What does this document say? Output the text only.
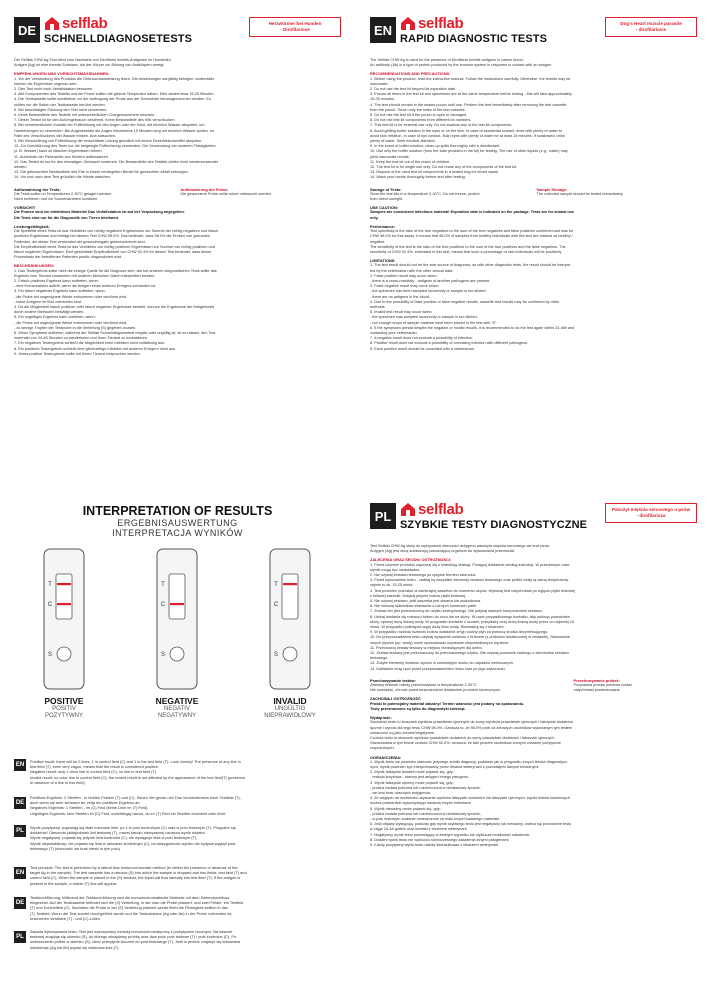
DE selflab
SCHNELLDIAGNOSETESTS
Herzwürmer bei Hunden
- Dirofilariose
Der Selflab CHW Ag-Test dient zum Nachweis von Dirofilaria immitis-Antigenen im Hundeblut.
Antigen (Ag) ist eine fremde Substanz, die der Körper zur Bildung von Antikörpern anregt.
EMPFEHLUNGEN UND VORSICHTSMASSNAHMEN:
1. Vor der Verwendung des Produkts die Gebrauchsanweisung lesen. Die Anweisungen sorgfältig befolgen, andernfalls
können die Ergebnisse ungenau sein.
2. Den Test nicht nach Verfallsdatum benutzen.
3. Alle Komponenten des Testkits und die Probe sollten die gleiche Temperatur haben. Dies dauert etwa 15-25 Minuten.
4. Die Testkassette sollte unmittelbar vor der Auftragung der Probe aus der Schutzfolie herausgenommen werden. Es
sollten nur die Seiten der Testkassette berührt werden.
5. Bei beschädigter Packung den Test nicht verwenden.
6. Keine Bestandteile des Testkits mit unterschiedlichen Chargennummern mischen.
7. Dieser Testkit ist für den Außengebrauch bestimmt. Keine Bestandteile des Kits verschlucken.
8. Bei versehentlichem Kontakt der Pufferlösung mit den Augen oder der Haut, mit reichlich Wasser abspülen; um
Hautreizungen zu vermeiden. Bei Augenkontakt die Augen mindestens 15 Minuten lang mit reichlich Wasser spülen. Im
Falle des Verschluckens viel Wasser trinken. Arzt aufsuchen.
9. Bei Verschüttung von Pufferlösung die verschüttete Lösung gründlich mit einem Desinfektionsmittel abspülen.
10. Zur Durchführung des Tests nur die beigelegte Pufferlösung verwenden. Die Verwendung von anderen Flüssigkeiten
(z. B. Wasser) kann zu falschen Ergebnissen führen.
11. Außerhalb der Reichweite von Kindern aufbewahren.
12. Das Testkit ist nur für den einmaligen Gebrauch bestimmt. Die Bestandteile des Testkits dürfen nicht wiederverwendet
werden.
13. Die gebrauchten Bestandteile des Kits in einem versiegelten Beutel für gemischten Abfall entsorgen.
14. Vor und nach dem Test gründlich die Hände waschen.
Aufbewahrung der Tests:
Die Tests sollten in Temperaturen 2-30°C gelagert werden.
Nicht einfrieren und vor Sonnenstrahlen schützen.
Aufbewahrung der Probe:
Die gewonnene Probe sollte sofort untersucht werden.
VORSICHT!
Die Proben sind ein infektiöses Material! Das Verfallsdatum ist auf der Verpackung angegeben.
Die Tests sind nur für die Diagnostik von Tieren bestimmt.
Leistungsfähigkeit:
Die Spezifität eines Tests ist das Verhältnis von richtig negativen Ergebnissen zur Summe der richtig negativen und falsch
positiven Ergebnisse und beträgt bei diesem Test CHW 98.0%. Das bedeutet, dass 98.0% der Proben von gesunden
Patienten, die dieser Test verwenden als gesund/negativ gekennzeichnet sind.
Die Empfindlichkeit eines Tests ist das Verhältnis von richtig positiven Ergebnissen zur Summe von richtig positiven und
falsch negativen Ergebnissen. Eine geschätzte Empfindlichkeit von CHW 92.4% für diesen Test bedeutet, dass dieser
Prozentsatz der betroffenen Patienten positiv diagnostiziert wird.
BESCHRÄNKUNGEN:
1. Das Testergebnis sollte nicht die einzige Quelle für die Diagnose sein; wie bei anderen diagnostischen Tests sollte das
Ergebnis vom Tierarzt zusammen mit anderen klinischen Daten interpretiert werden.
2. Falsch positives Ergebnis kann auftreten, wenn:
- eine Kreuzreaktion auftritt, wenn die Antigen eines anderen Erregers vorhanden ist.
3. Ein falsch negatives Ergebnis kann auftreten, wenn:
- die Probe auf ungeeignete Weise entnommen oder verdünnt wird,
- keine Antigene im Blut vorhanden sind.
4. Da die Möglichkeit falsch positiver oder falsch negativer Ergebnisse besteht, können die Ergebnisse der Antigentests
durch andere Methoden bestätigt werden.
5. Ein ungültiges Ergebnis kann auftreten, wenn:
- die Probe auf ungeeignete Weise entnommen oder verdünnt wird,
- zu wenige Tropfen der Testprobe in die Vertiefung (S) gegeben wurden.
6. Wenn Symptome auftreten, während der Selflab Schnelldiagnosetest negativ oder ungültig ist, ist es ratsam, den Test
innerhalb von 24-48 Stunden zu wiederholen und Ihren Tierarzt zu kontaktieren.
7. Ein negatives Testergebnis schließt die Möglichkeit einer Infektion nicht vollständig aus.
8. Ein positives Testergebnis schließt eine gleichzeitige Infektion mit anderen Erregern nicht aus.
9. Jedes positive Testergebnis sollte mit Ihrem Tierarzt besprochen werden.
EN selflab
RAPID DIAGNOSTIC TESTS
Dog's Heart muscle parasite
- dirofilariosis
The Selflab CHW Ag is used for the presence of Dirofilaria immitis antigens in canine blood.
An antibody (Ab) is a type of protein produced by the immune system in response to contact with an antigen.
RECOMMENDATIONS AND PRECAUTIONS:
1. Before using the product, read the instruction manual. Follow the instructions carefully. Otherwise, the results may be
inaccurate.
2. Do not use the test kit beyond its expiration date.
3. Ensure all items in the test kit and specimens are at the same temperature before testing - this will take approximately
15-25 minutes.
4. The test should remain in the sealed pouch until use. Perform the test immediately after removing the test cassette
from the pouch. Touch only the sides of the test cassette.
5. Do not use the test kit if the pouch is open or damaged.
6. Do not mix test kit components from different lot numbers.
7. This test kit is for external use only. Do not swallow any of the test kit components.
8. Avoid getting buffer solution in the eyes or on the skin. In case of accidental contact, rinse with plenty of water to
avoid skin irritation. In case of eye contact, flush eyes with plenty of water for at least 15 minutes. If swallowed, drink
plenty of water. Seek medical attention.
9. In the event of buffer solution, clean up spills thoroughly with a disinfectant.
10. Use only the buffer solution (from the tube provided in the kit) for testing. The use of other liquids (e.g., water) may
yield inaccurate results.
11. Keep the test kit out of the reach of children.
12. The test kit is for single use only. Do not reuse any of the components of the test kit.
13. Dispose of the used test kit components in a sealed bag for mixed waste.
14. Wash your hands thoroughly before and after testing.
Storage of Tests:
Store the test kits in a temperature 2-30°C. Do not freeze, protect
from direct sunlight.
Sample Storage:
The collected sample should be tested immediately.
USE CAUTION:
Samples are considered infectious material! Expiration date is indicated on the package. Tests are for animal use
only.
Performance:
Test specificity is the ratio of the true negatives to the sum of the true negatives and false positives combined and was for
CHW 98.0% for this assay. It means that 98.0% of samples from healthy individuals with this test are marked as healthy /
negative.
The sensitivity of the test is the ratio of the true positives to the sum of the true positives and the false negatives. The
sensitivity of CHW 92.4%, estimated in this test, means that such a percentage of sick individuals will be positively
LIMITATIONS:
1. The test result should not be the sole source of diagnosis, as with other diagnostic tests, the result should be interpre-
ted by the veterinarian with the other clinical data.
2. False positive result may occur when:
- there is a cross-reactivity - antigens of another pathogens are present.
3. False negative result may occur when:
- the specimen has been sampled incorrectly or sample is too diluted,
- there are no antigens in the blood.
4. Due to the possibility of false positive or false negative results, cassette test results may be confirmed by other
methods.
5. Invalid test result may occur when:
- the specimen was sampled incorrectly or sample is too diluted,
- not enough drops of sample material have been placed in the test well "S".
6. If the symptoms persist despite the negative or invalid results, it is recommended to do the test again within 24-48h and
contacting your veterinarian.
7. A negative result does not exclude a possibility of infection.
8. Positive result does not exclude a possibility of coexisting infection with different pathogens.
9. Each positive result should be consulted with a veterinarian.
INTERPRETATION OF RESULTS
ERGEBNISAUSWERTUNG
INTERPRETACJA WYNIKÓW
T
C
S
T
C
S
T
C
S
POSITIVE
POSITIV
POZYTYWNY
NEGATIVE
NEGATIV
NEGATYWNY
INVALID
UNGÜLTIG
NIEPRAWIDŁOWY
EN
Positive result: there will be 2 lines, 1 in control field (C) and 1 in the test field (T). Look closely! The presence of any line in
test field (T), even very vague, means that the result is considered positive.
Negative result: only 1 clear line in control field (C), no line in test field (T).
Invalid result: no color line in control field (C), the invalid result is not affected by the appearance of the test field(T) (presence
or absence of a line in this field).
DE
Positives Ergebnis: 2 Streifen - in beiden Feldern (T) und (C). Sehen Sie genau hin! Das Vorhandensein einer Testlinie (T),
auch wenn sie sehr schwach ist, zeigt ein positives Ergebnis an.
Negatives Ergebnis: 1 Streifen - im (C) Feld (keine Linie im (T) Feld).
Ungültiges Ergebnis: kein Streifen im (C) Feld, unabhängig davon, ob im (T) Feld ein Streifen erscheint oder nicht.
PL
Wynik pozytywny: pojawiają się dwie kolorowe linie, po 1 w polu kontrolnym (C) oraz w polu testowym (T). Przypatrz się
dokładnie! Obecność jakiejkolwiek linii testowej (T), nawet bardzo niewyraźnej oznacza wynik dodatni.
Wynik negatywny: pojawia się jedynie linia kontrolna (C), nie występuje linia w polu testowym (T).
Wynik nieprawidłowy: nie pojawia się linia w obszarze kontrolnym (C), na wiarygodność wyniku nie wpływa wygląd pola
testowego (T) (obecność lub brak kreski w tym polu).
EN
Test principle: The test is performed by a lateral flow immunochromatic method (to detect the presence or absence of the
target Ag in the sample). The test cassette has a window (S) into which the sample is dropped and two fields: test field (T) and
control field (C). When the sample is placed in the (S) window, the liquid will flow laterally into test field (T). If the antigen is
present in the sample, a visible (T) line will appear.
DE
Testdurchführung: Während der Testdurchführung wird die immunochromatische Methode mit dem Seitendurchfluss
eingesetzt. Auf der Testkassette befindet sich die (S) Vertiefung, in der man die Probe platziert, und zwei Felder: ein Testfeld
(T) und Kontrollfeld (C). Nachdem die Probe in der (S) Vertiefung platziert wurde fließt die Flüssigkeit seitlich in das
(T) Testfeld. Wenn der Test korrekt durchgeführt wurde und die Testsubstanz (Ag oder Ab) in der Probe vorhanden ist,
erscheinen sichtbare (T) - und (C)-Linien.
PL
Zasada wykonywania testu: Test jest wykonywany metodą immunochromatyczną z przepływem bocznym. Na kasecie
testowej znajduje się okienko (S), do którego wkraplamy próbkę oraz dwa pola: pole testowe (T) i pole kontrolne (C). Po
umieszczeniu próbki w okienku (S), ciecz przepłynie bocznie do pola testowego (T). Jeśli w próbce znajduje się testowana
substancja (Ag lub Ab) pojawi się widoczna linia (T).
PL	selflab
SZYBKIE TESTY DIAGNOSTYCZNE
Pasożyt mięśnia sercowego u psów
- dirofilarioza
Test Selflab CHW Ag służy do wykrywania obecności antygenu pasożyta mięśnia sercowego we krwi psów.
Antygen (Ag) jest obcą substancją pobudzającą organizm do wytwarzania przeciwciał.
ZALECENIA ORAZ ŚRODKI OSTROŻNOŚCI:
1. Przed użyciem produktu zapoznaj się z instrukcją obsługi. Postępuj dokładnie według instrukcji. W przeciwnym razie
wyniki mogą być niedokładne.
2. Nie używaj zestawu testowego po upływie terminu ważności.
3. Przed wykonaniem testu - zadbaj by wszystkie elementy zestawu testowego oraz próbki miały tą samą temperaturę,
zajmie to ok. 15-25 minut.
4. Test powinien pozostać w zamkniętej saszetce do momentu użycia. Wykonaj test natychmiast po wyjęciu płytki testowej
z foliowej saszetki. Dotykaj jedynie boków płytki testowej.
5. Nie używaj zestawu, jeśli saszetka jest otwarta lub uszkodzona.
6. Nie mieszaj składników zestawów o różnych numerach partii.
7. Zestaw ten jest przeznaczony do użytku zewnętrznego. Nie połykaj żadnych komponentów zestawu.
8. Unikaj dostania się roztworu buforu do oczu lub na skórę. W razie przypadkowego kontaktu, aby uniknąć podrażnień
skóry, spłukuj dużą ilością wody. W przypadku kontaktu z oczami, przepłukuj oczy dużą ilością wody przez co najmniej 15
minut. W przypadku połknięcia wypij dużą ilość wody. Skontaktuj się z lekarzem.
9. W przypadku rozlania roztworu buforu dokładnie zmyj rozlany płyn za pomocą środka dezynfekującego.
10. Do przeprowadzenia testu używaj wyłącznie roztworu z buforem (z probówki dostarczonej w zestawie). Stosowanie
innych płynów (np. wody) może spowodować uzyskanie nieprawidłowych wyników.
11. Przechowuj zestaw testowy w miejscu niedostępnym dla dzieci.
12. Zestaw testowy jest przeznaczony do jednorazowego użytku. Nie używaj ponownie żadnego z elementów zestawu
testowego.
13. Zużyte elementy zestawu wyrzuć w zamkniętym worku do odpadów zmieszanych.
14. Dokładnie umyj ręce przed przeprowadzeniem testu oraz po jego wykonaniu.
Przechowywanie testów:
Zestawy testowe należy przechowywać w temperaturze 2-30°C.
Nie zamrażać, chronić przed bezpośrednim działaniem promieni słonecznych.
Przechowywanie próbek:
Pozyskana próbka powinna zostać
natychmiast przetestowana.
ZACHOWAJ OSTROŻNOŚĆ
Próbki to potencjalny materiał zakaźny! Termin ważności jest podany na opakowaniu.
Testy przeznaczone są tylko do diagnostyki zwierząt.
Wydajność:
Swoistość testu to stosunek wyników prawdziwie ujemnych do sumy wyników prawdziwie ujemnych i fałszywie dodatnich
łącznie i wynosi dla tego testu CHW 98.0%. Oznacza to, że 98.0% prób od zdrowych osobników wykonanym tym testem
oznaczone są jako zdrowe/negatywne.
Czułość testu to stosunek wyników prawdziwie dodatnich do sumy prawdziwie dodatnich i fałszywie ujemnych.
Oszacowana w tym teście czułość CHW 92.4%, oznacza, że taki procent osobników chorych zostanie pozytywnie
rozpoznanych.
OGRANICZENIA:
1. Wynik testu nie powinien stanowić jedynego źródła diagnozy, podobnie jak w przypadku innych testów diagnostycz-
nych, wynik powinien być interpretowany przez lekarza weterynarii z pozostałymi danymi klinicznymi.
2. Wynik fałszywie dodatni może pojawić się, gdy:
- reakcja krzyżowa - obecny jest antygen innego patogenu,
3. Wynik fałszywie ujemny może pojawić się, gdy:
- próbka została pobrana lub rozcieńczona w niewłaściwy sposób,
- we krwi brak obecnych antygenów.
4. Ze względu na możliwość uzyskania wyników fałszywie dodatnich lub fałszywie ujemnych, wyniki testów kasetowych
można potwierdzić wykorzystując badania innymi metodami.
5. Wynik niewaźny może pojawić się, gdy:
- próbka została pobrana lub rozcieńczona w niewłaściwy sposób,
- w polu testowym zostanie umieszczone za mało kropel badanego materiału.
6. Jeśli objawy występują, podczas gdy wynik szybkiego testu jest negatywny lub niewaźny, zaleca się ponowienie testu
w ciągu 24-48 godzin oraz kontakt z lekarzem weterynarii.
7. Negatywny wynik testu pozwalający w żadnym wypadku nie wyklucza możliwości zakażenia.
8. Dodatni wynik testu nie wyklucza równoczesnego zakażenia innymi patogenami.
9. Każdy pozytywny wynik testu należy skonsultować z lekarzem weterynarii.
